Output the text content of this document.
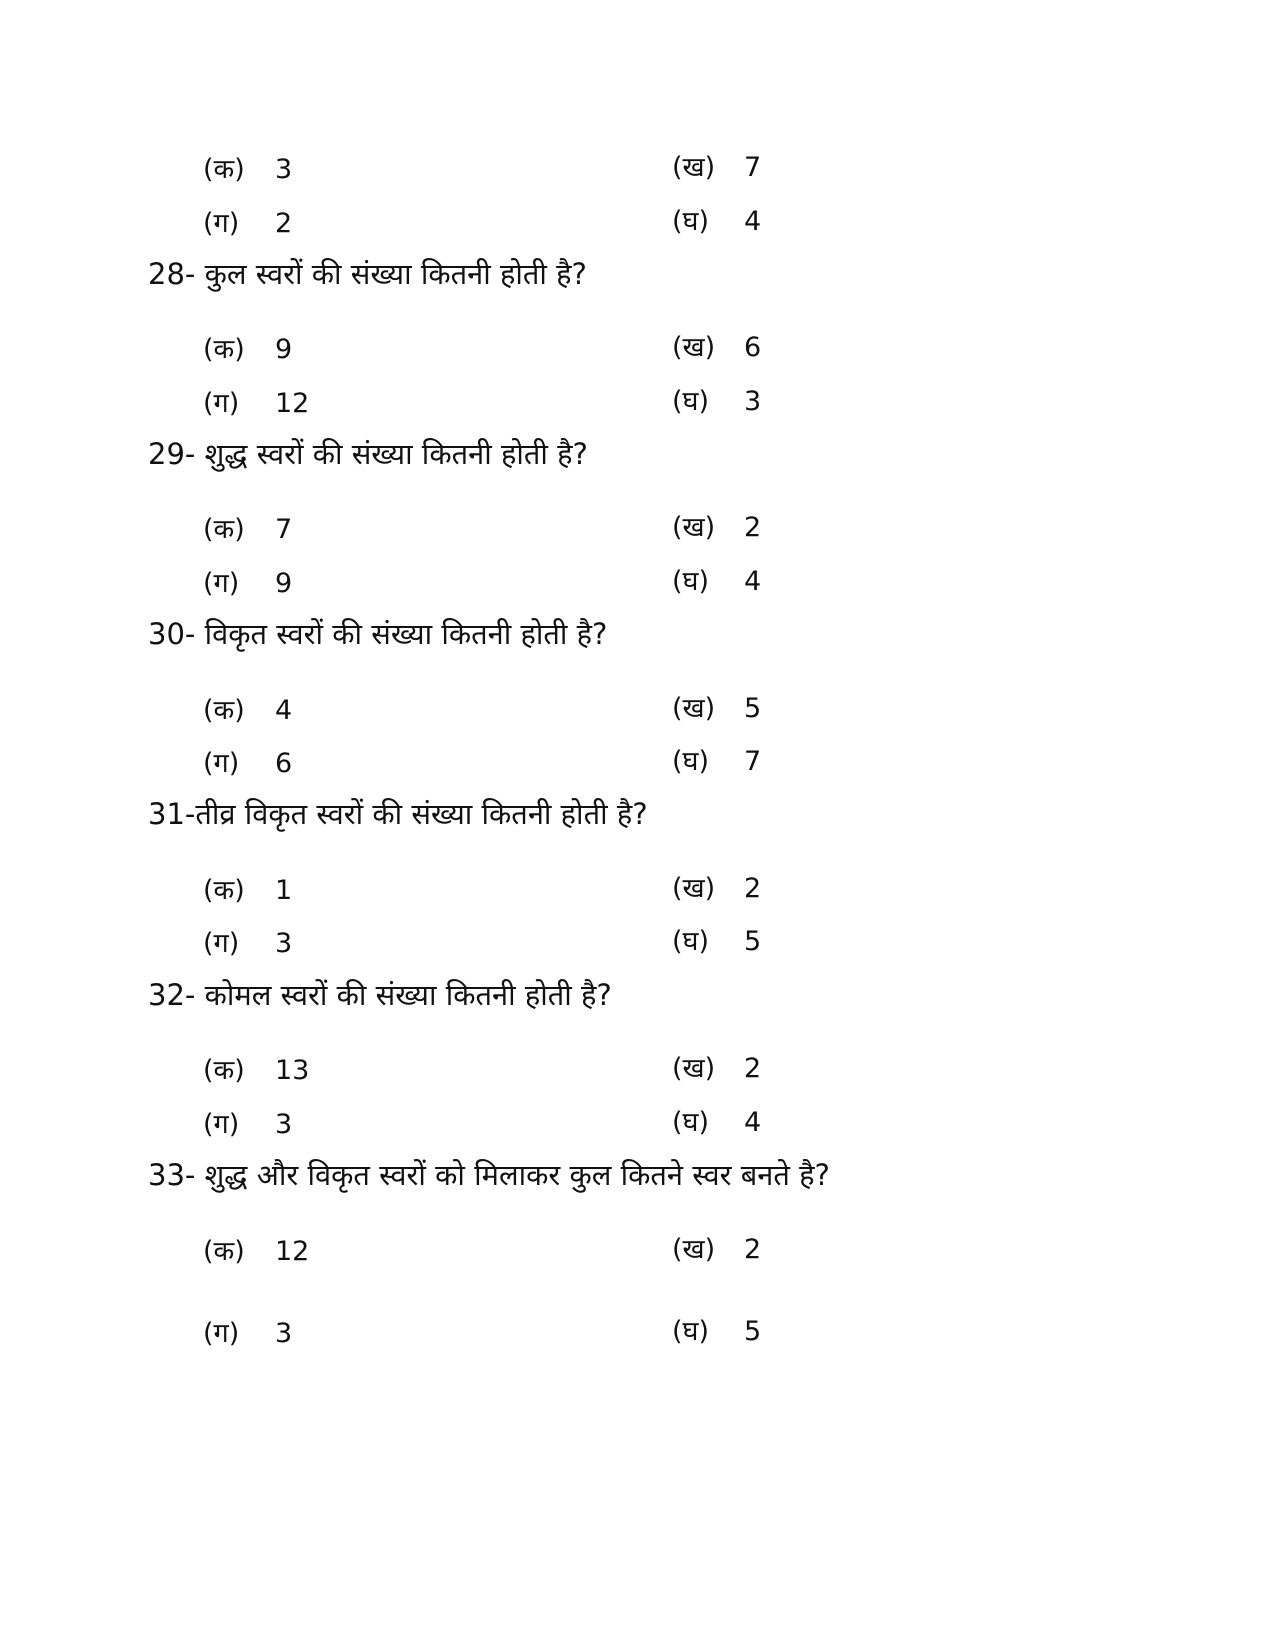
(क) 3	(ख) 7
(ग) 2	(घ) 4
28- कुल स्वरों की संख्या कितनी होती है?
(क) 9	(ख) 6
(ग) 12	(घ) 3
29- शुद्ध स्वरों की संख्या कितनी होती है?
(क) 7	(ख) 2
(ग) 9	(घ) 4
30- विकृत स्वरों की संख्या कितनी होती है?
(क) 4	(ख) 5
(ग) 6	(घ) 7
31-तीव्र विकृत स्वरों की संख्या कितनी होती है?
(क) 1	(ख) 2
(ग) 3	(घ) 5
32- कोमल स्वरों की संख्या कितनी होती है?
(क) 13	(ख) 2
(ग) 3	(घ) 4
33- शुद्ध और विकृत स्वरों को मिलाकर कुल कितने स्वर बनते है?
(क) 12	(ख) 2
(ग) 3	(घ) 5
